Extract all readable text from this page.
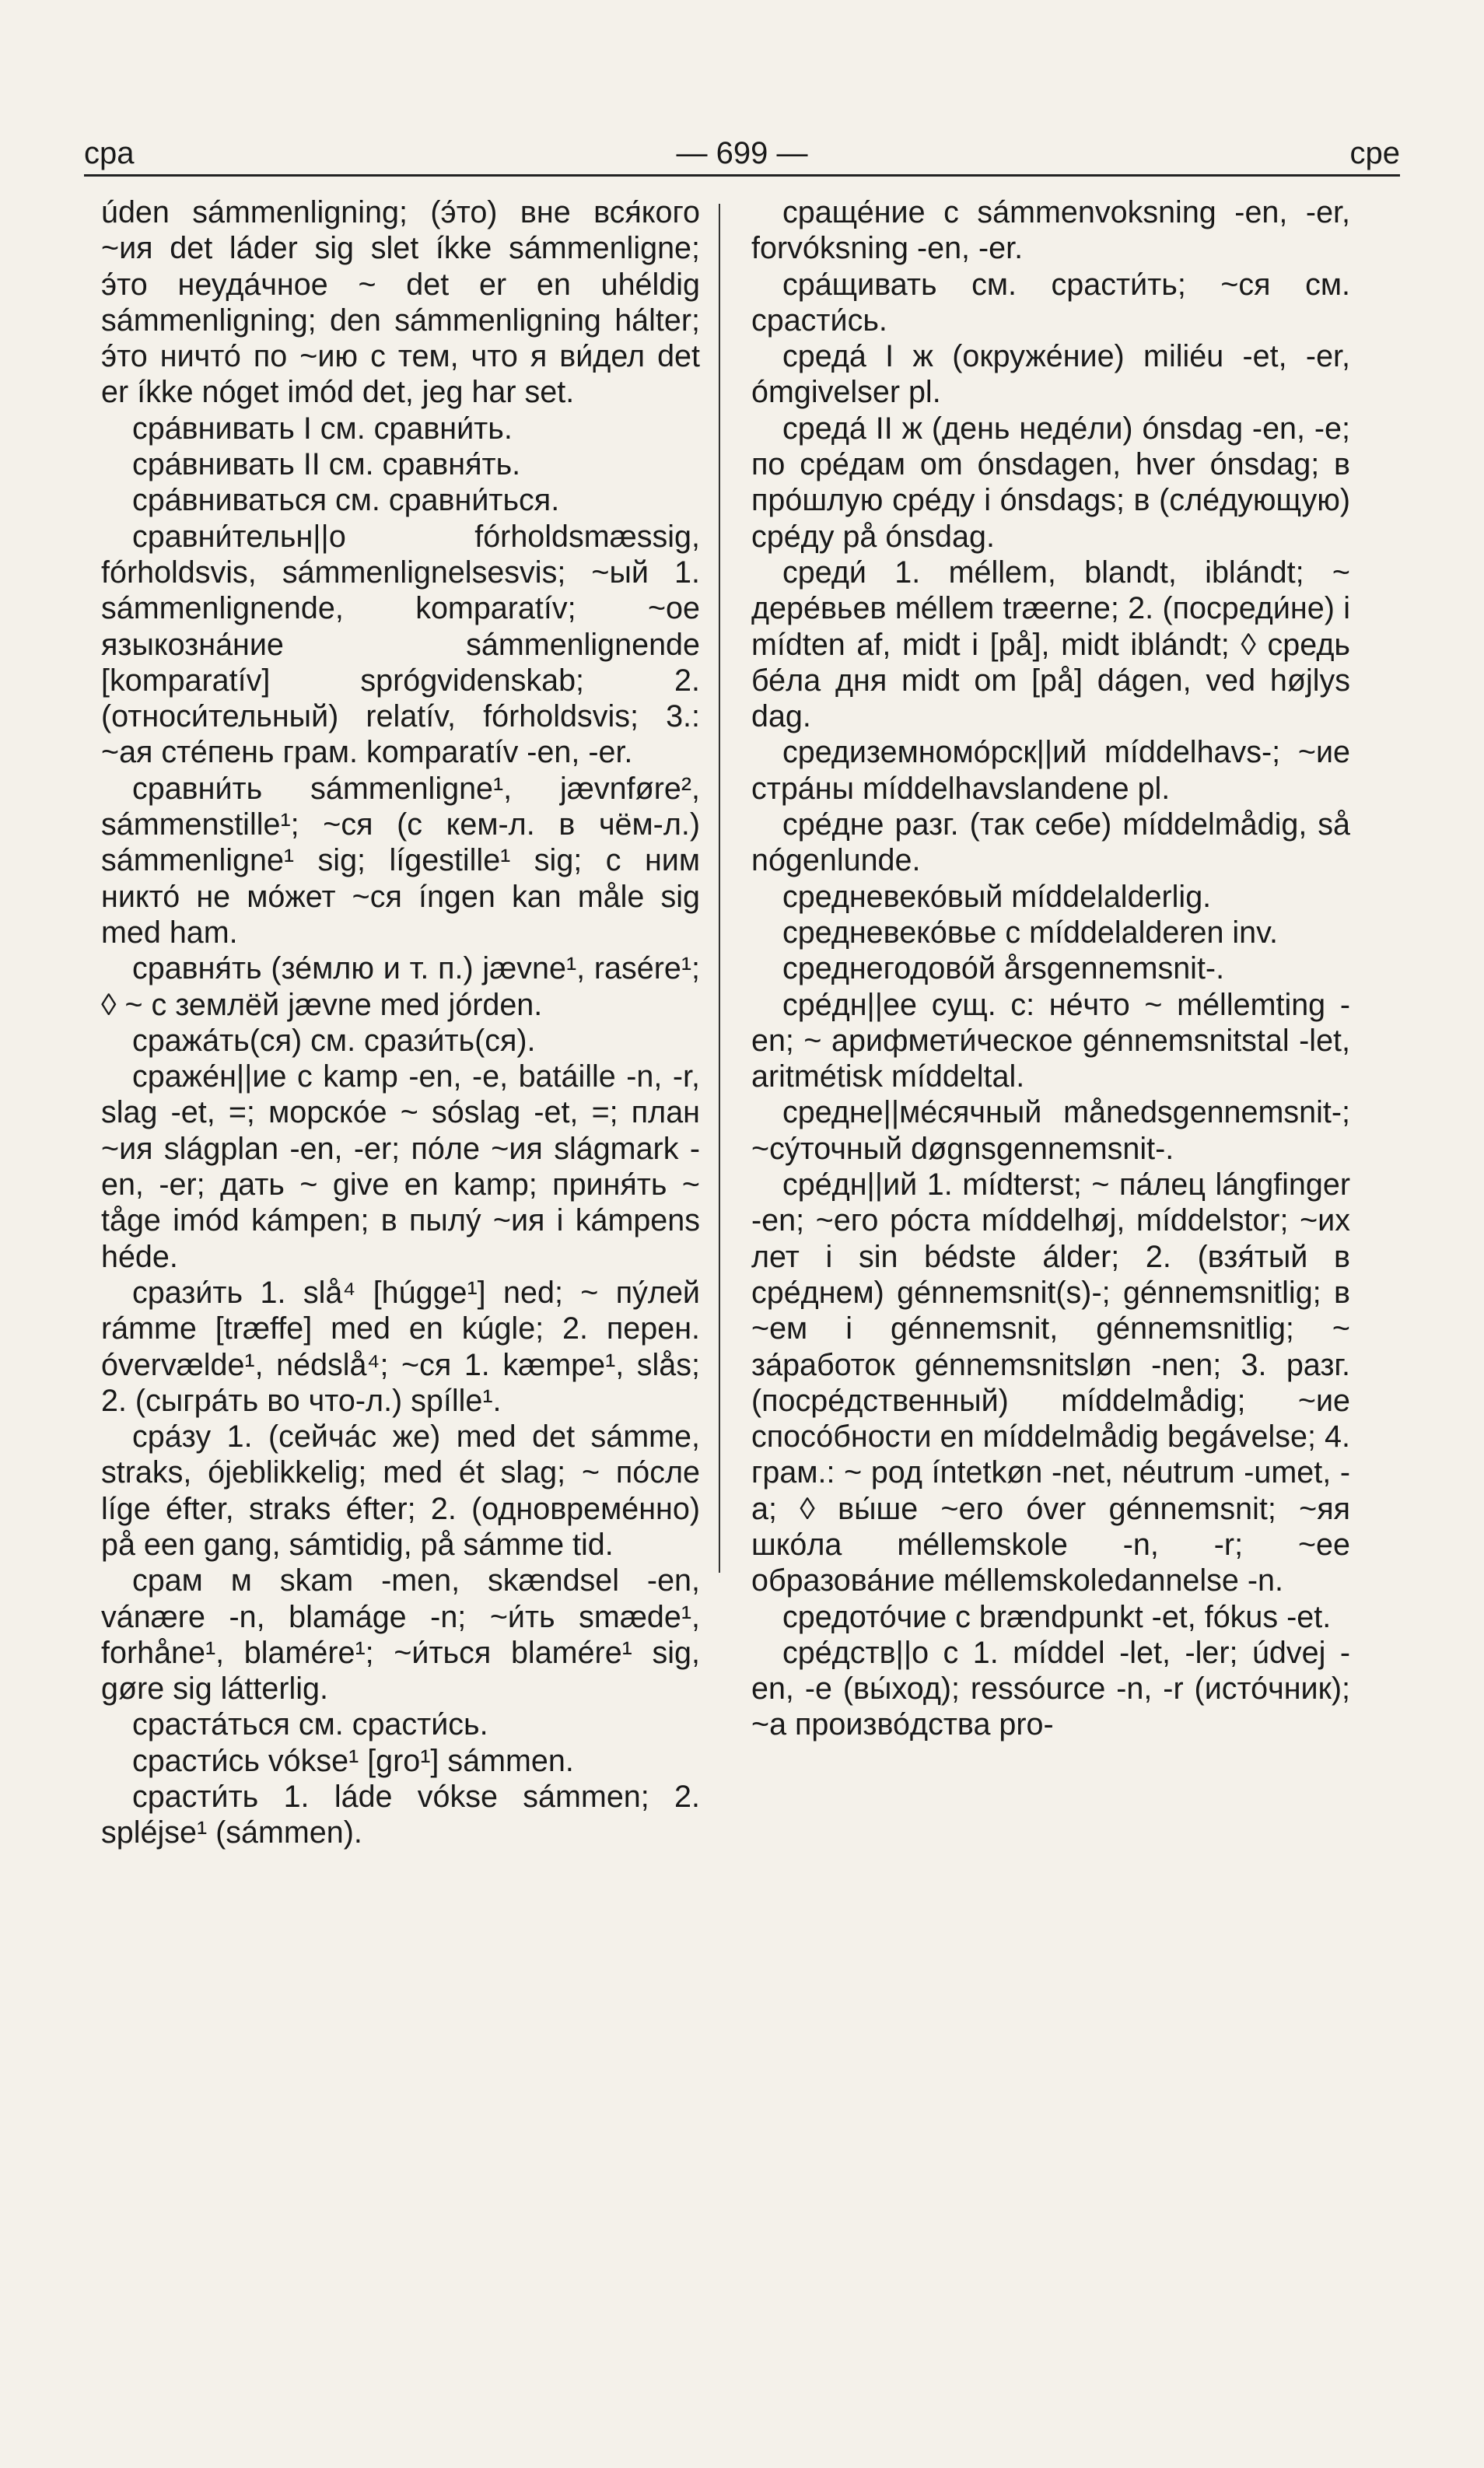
сра	— 699 —	сре

úden sámmenligning; (э́то) вне вся́кого ~ия det láder sig slet íkke sámmenligne; э́то неуда́чное ~ det er en uhéldig sámmenligning; den sámmenligning hálter; э́то ничто́ по ~ию с тем, что я ви́дел det er íkke nóget imód det, jeg har set.

сра́внивать I см. сравни́ть.

сра́внивать II см. сравня́ть.

сра́вниваться см. сравни́ться.

сравни́тельн||о fórholdsmæssig, fórholdsvis, sámmenlignelsesvis; ~ый 1. sámmenlignende, komparatív; ~ое языкозна́ние sámmenlignende [komparatív] sprógvidenskab; 2. (относи́тельный) relatív, fórholdsvis; 3.: ~ая сте́пень грам. komparatív -en, -er.

сравни́ть sámmenligne¹, jævnføre², sámmenstille¹; ~ся (с кем-л. в чём-л.) sámmenligne¹ sig; lígestille¹ sig; с ним никто́ не мо́жет ~ся íngen kan måle sig med ham.

сравня́ть (зе́млю и т. п.) jævne¹, rasére¹; ◊ ~ с землёй jævne med jórden.

сража́ть(ся) см. срази́ть(ся).

сраже́н||ие с kamp -en, -e, batáille -n, -r, slag -et, =; морско́е ~ sóslag -et, =; план ~ия slágplan -en, -er; по́ле ~ия slágmark -en, -er; дать ~ give en kamp; приня́ть ~ tåge imód kámpen; в пылу́ ~ия i kámpens héde.

срази́ть 1. slå⁴ [húgge¹] ned; ~ пу́лей rámme [træffe] med en kúgle; 2. перен. óvervælde¹, nédslå⁴; ~ся 1. kæmpe¹, slås; 2. (сыгра́ть во что-л.) spílle¹.

сра́зу 1. (сейча́с же) med det sámme, straks, ójeblikkelig; med ét slag; ~ по́сле líge éfter, straks éfter; 2. (одновреме́нно) på een gang, sámtidig, på sámme tid.

срам м skam -men, skændsel -en, vánære -n, blamáge -n; ~и́ть smæde¹, forhåne¹, blamére¹; ~и́ться blamére¹ sig, gøre sig látterlig.

сраста́ться см. срасти́сь.

срасти́сь vókse¹ [gro¹] sámmen.

срасти́ть 1. láde vókse sámmen; 2. spléjse¹ (sámmen).

сраще́ние с sámmenvoksning -en, -er, forvóksning -en, -er.

сра́щивать см. срасти́ть; ~ся см. срасти́сь.

среда́ I ж (окруже́ние) miliéu -et, -er, ómgivelser pl.

среда́ II ж (день неде́ли) ónsdag -en, -e; по сре́дам om ónsdagen, hver ónsdag; в про́шлую сре́ду i ónsdags; в (сле́дующую) сре́ду på ónsdag.

среди́ 1. méllem, blandt, iblándt; ~ дере́вьев méllem træerne; 2. (посреди́не) i mídten af, midt i [på], midt iblándt; ◊ средь бе́ла дня midt om [på] dágen, ved højlys dag.

средиземномо́рск||ий míddelhavs-; ~ие стра́ны míddelhavslandene pl.

сре́дне разг. (так себе) míddelmådig, så nógenlunde.

средневеко́вый míddelalderlig.

средневеко́вье с míddelalderen inv.

среднегодово́й årsgennemsnit-.

сре́дн||ее сущ. с: не́что ~ méllemting -en; ~ арифмети́ческое génnemsnitstal -let, aritmétisk míddeltal.

средне||ме́сячный månedsgennemsnit-; ~су́точный døgnsgennemsnit-.

сре́дн||ий 1. mídterst; ~ па́лец lángfinger -en; ~его ро́ста míddelhøj, míddelstor; ~их лет i sin bédste álder; 2. (взя́тый в сре́днем) génnemsnit(s)-; génnemsnitlig; в ~ем i génnemsnit, génnemsnitlig; ~ за́работок génnemsnitsløn -nen; 3. разг. (посре́дственный) míddelmådig; ~ие спосо́бности en míddelmådig begávelse; 4. грам.: ~ род íntetkøn -net, néutrum -umet, -a; ◊ вы́ше ~его óver génnemsnit; ~яя шко́ла méllemskole -n, -r; ~ее образова́ние méllemskoledannelse -n.

средото́чие с brændpunkt -et, fókus -et.

сре́дств||о с 1. míddel -let, -ler; údvej -en, -e (вы́ход); ressóurce -n, -r (исто́чник); ~а произво́дства pro-
